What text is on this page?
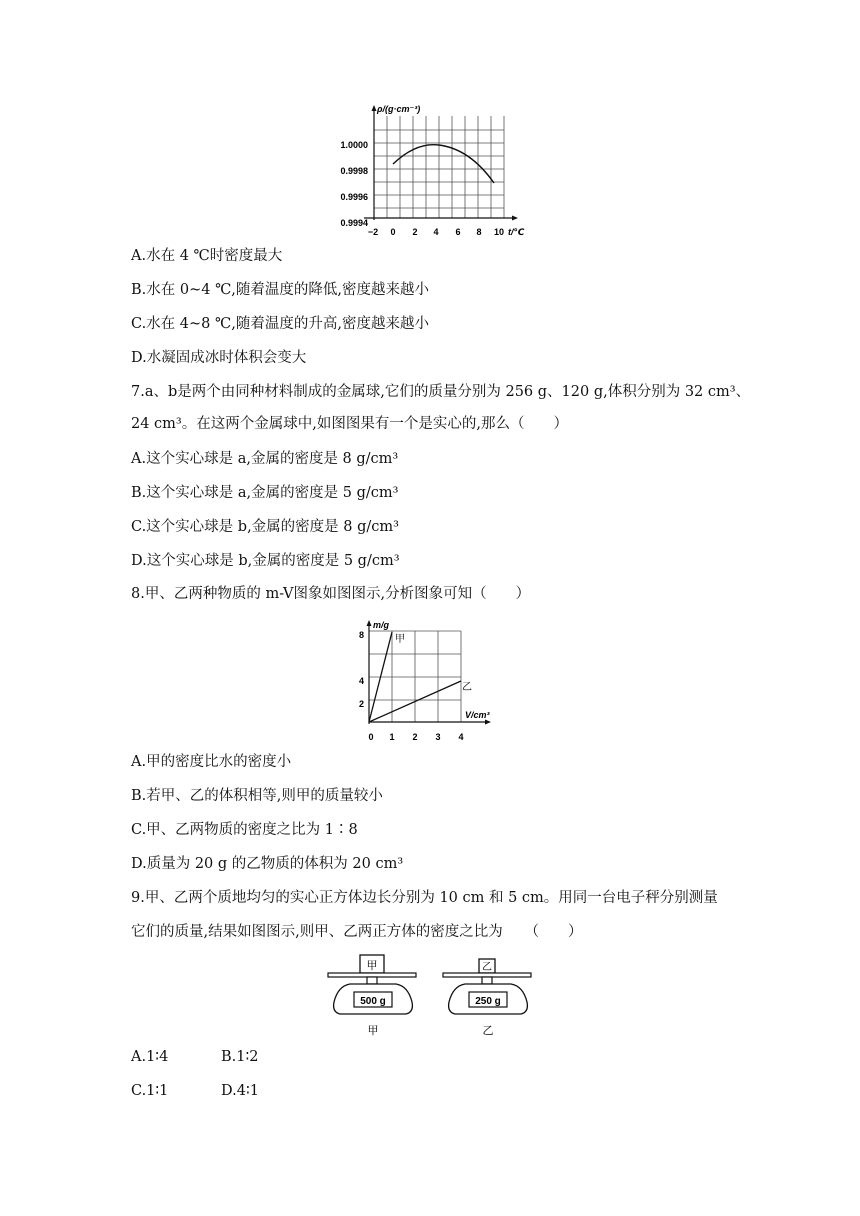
ρ/(g·cm⁻³)
1.0000
0.9998
0.9996
0.9994
−2 0 2 4 6 8 10 t/℃
A.水在 4 ℃时密度最大
B.水在 0~4 ℃,随着温度的降低,密度越来越小
C.水在 4~8 ℃,随着温度的升高,密度越来越小
D.水凝固成冰时体积会变大
7.a、b是两个由同种材料制成的金属球,它们的质量分别为 256 g、120 g,体积分别为 32 cm³、
24 cm³。在这两个金属球中,如图图果有一个是实心的,那么（　　）
A.这个实心球是 a,金属的密度是 8 g/cm³
B.这个实心球是 a,金属的密度是 5 g/cm³
C.这个实心球是 b,金属的密度是 8 g/cm³
D.这个实心球是 b,金属的密度是 5 g/cm³
8.甲、乙两种物质的 m-V图象如图图示,分析图象可知（　　）
m/g
8
4
2
0 1 2 3 4
V/cm³
甲
乙
A.甲的密度比水的密度小
B.若甲、乙的体积相等,则甲的质量较小
C.甲、乙两物质的密度之比为 1∶8
D.质量为 20 g 的乙物质的体积为 20 cm³
9.甲、乙两个质地均匀的实心正方体边长分别为 10 cm 和 5 cm。用同一台电子秤分别测量
它们的质量,结果如图图示,则甲、乙两正方体的密度之比为　　（　　）
甲
500 g
甲
乙
250 g
乙
A.1∶4	B.1∶2
C.1∶1	D.4∶1
